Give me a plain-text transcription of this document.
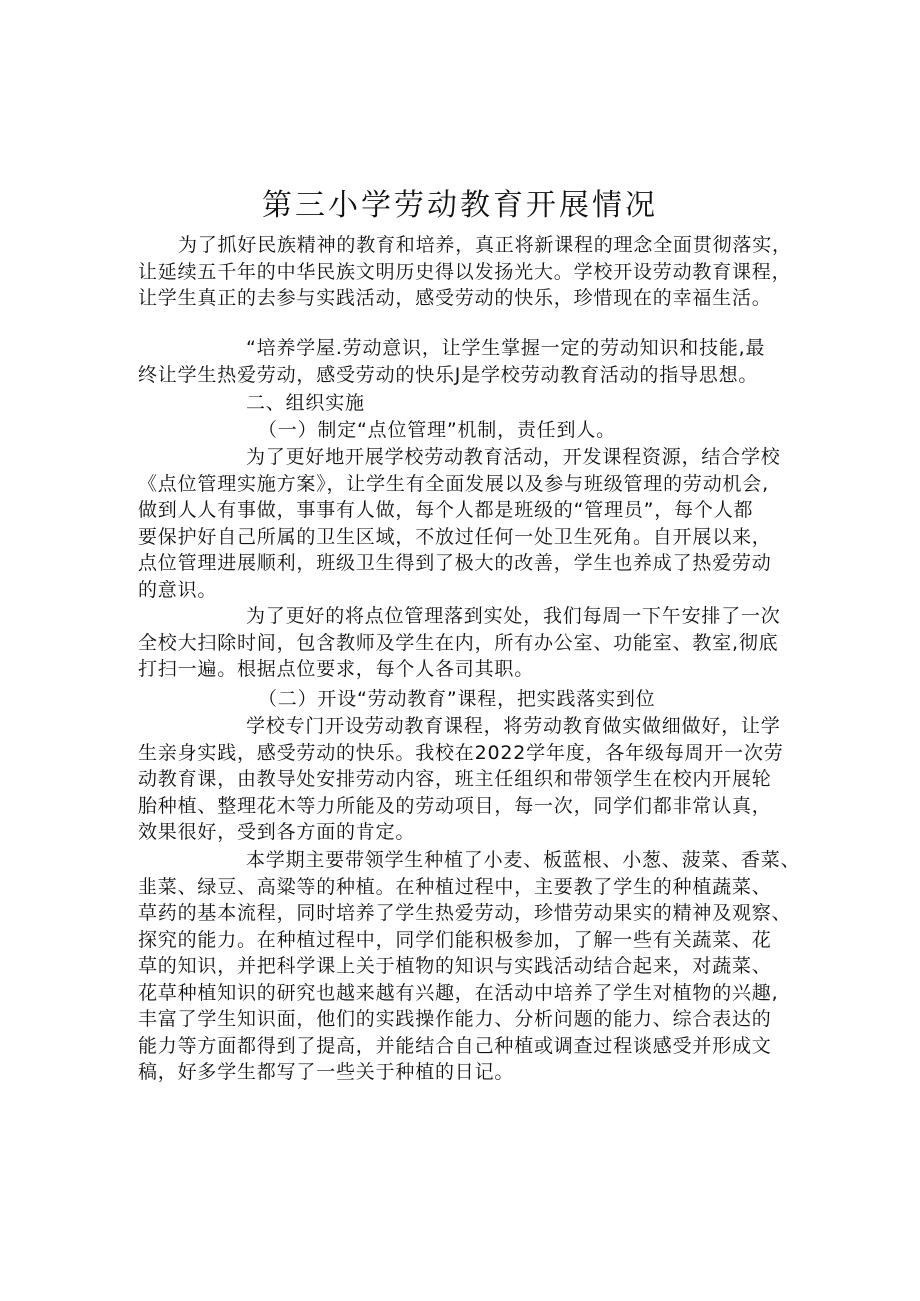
第三小学劳动教育开展情况
为了抓好民族精神的教育和培养，真正将新课程的理念全面贯彻落实，
让延续五千年的中华民族文明历史得以发扬光大。学校开设劳动教育课程，
让学生真正的去参与实践活动，感受劳动的快乐，珍惜现在的幸福生活。
“培养学屋.劳动意识，让学生掌握一定的劳动知识和技能,最
终让学生热爱劳动，感受劳动的快乐J是学校劳动教育活动的指导思想。
二、组织实施
（一）制定“点位管理”机制，责任到人。
为了更好地开展学校劳动教育活动，开发课程资源，结合学校
《点位管理实施方案》，让学生有全面发展以及参与班级管理的劳动机会,
做到人人有事做，事事有人做，每个人都是班级的“管理员”，每个人都
要保护好自己所属的卫生区域，不放过任何一处卫生死角。自开展以来，
点位管理进展顺利，班级卫生得到了极大的改善，学生也养成了热爱劳动
的意识。
为了更好的将点位管理落到实处，我们每周一下午安排了一次
全校大扫除时间，包含教师及学生在内，所有办公室、功能室、教室,彻底
打扫一遍。根据点位要求，每个人各司其职。
（二）开设“劳动教育”课程，把实践落实到位
学校专门开设劳动教育课程，将劳动教育做实做细做好，让学
生亲身实践，感受劳动的快乐。我校在2022学年度，各年级每周开一次劳
动教育课，由教导处安排劳动内容，班主任组织和带领学生在校内开展轮
胎种植、整理花木等力所能及的劳动项目，每一次，同学们都非常认真，
效果很好，受到各方面的肯定。
本学期主要带领学生种植了小麦、板蓝根、小葱、菠菜、香菜、
韭菜、绿豆、高粱等的种植。在种植过程中，主要教了学生的种植蔬菜、
草药的基本流程，同时培养了学生热爱劳动，珍惜劳动果实的精神及观察、
探究的能力。在种植过程中，同学们能积极参加，了解一些有关蔬菜、花
草的知识，并把科学课上关于植物的知识与实践活动结合起来，对蔬菜、
花草种植知识的研究也越来越有兴趣，在活动中培养了学生对植物的兴趣,
丰富了学生知识面，他们的实践操作能力、分析问题的能力、综合表达的
能力等方面都得到了提高，并能结合自己种植或调查过程谈感受并形成文
稿，好多学生都写了一些关于种植的日记。
